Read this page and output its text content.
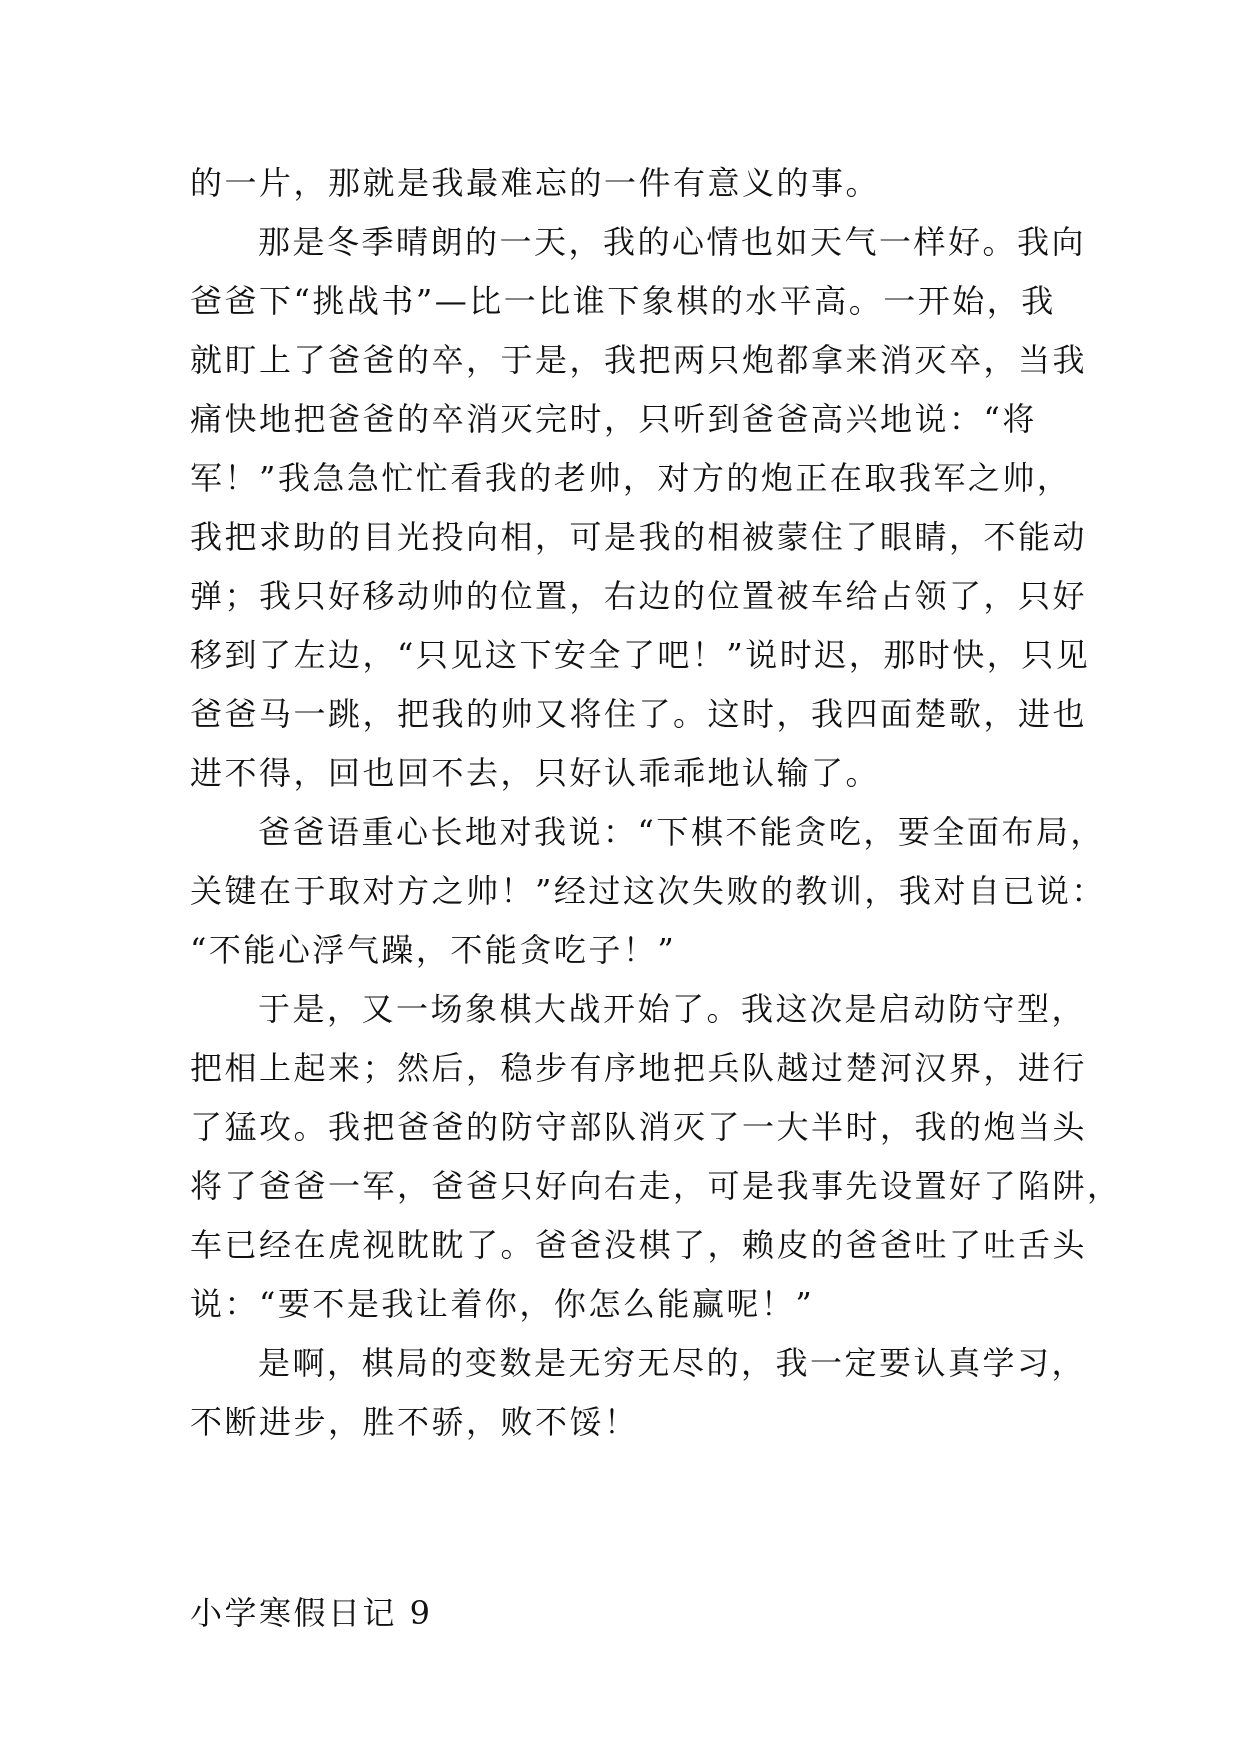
的一片，那就是我最难忘的一件有意义的事。
那是冬季晴朗的一天，我的心情也如天气一样好。我向
爸爸下“挑战书”—比一比谁下象棋的水平高。一开始，我
就盯上了爸爸的卒，于是，我把两只炮都拿来消灭卒，当我
痛快地把爸爸的卒消灭完时，只听到爸爸高兴地说：“将
军！”我急急忙忙看我的老帅，对方的炮正在取我军之帅，
我把求助的目光投向相，可是我的相被蒙住了眼睛，不能动
弹；我只好移动帅的位置，右边的位置被车给占领了，只好
移到了左边，“只见这下安全了吧！”说时迟，那时快，只见
爸爸马一跳，把我的帅又将住了。这时，我四面楚歌，进也
进不得，回也回不去，只好认乖乖地认输了。
爸爸语重心长地对我说：“下棋不能贪吃，要全面布局，
关键在于取对方之帅！”经过这次失败的教训，我对自已说：
“不能心浮气躁，不能贪吃子！”
于是，又一场象棋大战开始了。我这次是启动防守型，
把相上起来；然后，稳步有序地把兵队越过楚河汉界，进行
了猛攻。我把爸爸的防守部队消灭了一大半时，我的炮当头
将了爸爸一军，爸爸只好向右走，可是我事先设置好了陷阱，
车已经在虎视眈眈了。爸爸没棋了，赖皮的爸爸吐了吐舌头
说：“要不是我让着你，你怎么能赢呢！”
是啊，棋局的变数是无穷无尽的，我一定要认真学习，
不断进步，胜不骄，败不馁！
小学寒假日记 9
